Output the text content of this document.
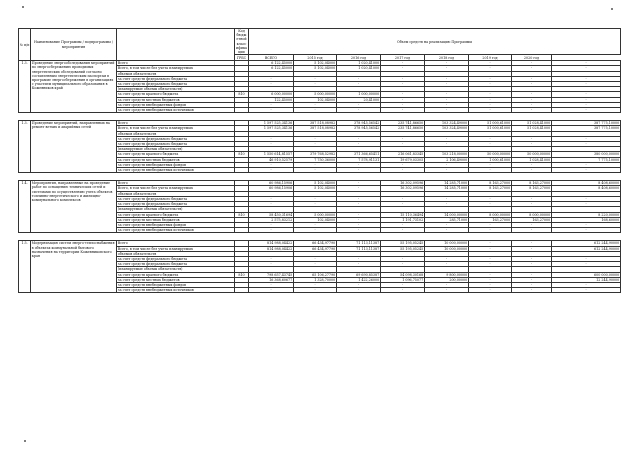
№ п/п	Наименование Программы / подпрограммы / мероприятия		Код бюджетной классификации	Объем средств на реализацию Программы							
			ГРБС	ВСЕГО	2015 год	2016 год	2017 год	2018 год	2019 год	2020 год	
1.3.	Проведение энергообследования мероприятий по энергосбережению проводимых энергетических обследований согласно составленным энергетическим паспортам в программе энергосбережения в организациях с участием муниципального образования в Кожевников край	Всего		6 122,45000	5 102,04000	1 020,41000	-	-	-	-	-
		Всего, в том числе без учета планируемых		6 122,45000	5 102,04000	1 020,41000	-	-	-	-	-
		объемов обязательств									
		за счет средств федерального бюджета		-	-	-	-	-	-	-	-
		за счет средств федерального бюджета		-	-	-	-	-	-	-	-
		(планируемые объемы обязательств)									
		за счет средств краевого бюджета	810	6 000,00000	5 000,00000	1 000,00000	-	-	-	-	-
		за счет средств местных бюджетов		122,45000	102,04000	20,41000	-	-	-	-	-
		за счет средств внебюджетных фондов		-	-	-	-	-	-	-	-
		за счет средств внебюджетных источников		-	-	-	-	-	-	-	-

1.3.	Проведение мероприятий, направленных на ремонт ветхих и аварийных сетей	Всего		1 597 525,34136	387 518,08982	378 945,56542	235 741,86650	103 324,49000	51 000,61000	51 028,41000	387 775,10000
		Всего, в том числе без учета планируемых		1 597 525,34136	387 518,08982	378 945,56542	235 741,86650	103 324,49000	51 000,61000	51 028,41000	387 775,10000
		объемов обязательств									
		за счет средств федерального бюджета		-	-	-	-	-	-	-	-
		за счет средств федерального бюджета		-	-	-	-	-	-	-	-
		(планируемые объемы обязательств)									
		за счет средств краевого бюджета	810	1 550 614,81557	379 768,52982	371 366,65411	216 061,83345	103 218,00000	50 000,00000	50 000,00000	380 000,00000
		за счет средств местных бюджетов		46 910,52579	7 750,36000	7 578,91131	19 679,03305	2 106,49000	1 000,61000	1 028,41000	7 775,10000
		за счет средств внебюджетных фондов		-	-	-	-	-	-	-	-
		за счет средств внебюджетных источников		-	-	-	-	-	-	-	-

1.4.	Мероприятия, направленные на проведение работ по оснащению технических сетей и системами по осуществлению учета объектов топливно-энергетического и жилищно-коммунального комплексов	Всего		60 986,15906	5 102,04000	-	16 302,09596	14 285,71000	8 163,27000	8 163,27000	8 408,60000
		Всего, в том числе без учета планируемых		60 986,15906	5 102,04000	-	16 302,09596	14 285,71000	8 163,27000	8 163,27000	8 408,60000
		объемов обязательств									
		за счет средств федерального бюджета		-	-	-	-	-	-	-	-
		за счет средств федерального бюджета		-	-	-	-	-	-	-	-
		(планируемые объемы обязательств)									
		за счет средств краевого бюджета	810	58 450,31694	5 000,00000	-	15 110,36494	14 000,00000	8 000,00000	8 000,00000	8 220,00000
		за счет средств местных бюджетов		2 575,83212	102,04000	-	1 191,73102	285,71000	163,27000	163,27000	168,60000
		за счет средств внебюджетных фондов		-	-	-	-	-	-	-	-
		за счет средств внебюджетных источников		-	-	-	-	-	-	-	-

1.5.	Модернизация систем энерго-теплоснабжения в объектах коммунальной бытового назначения на территории Кожевниковского края	Всего		814 988,04422	66 434,97790	71 113,11387	55 195,05245	10 000,00000	-	-	612 244,90000
		Всего, в том числе без учета планируемых		814 988,04422	66 434,97790	71 113,11387	55 195,05245	10 000,00000	-	-	612 244,90000
		объемов обязательств									
		за счет средств федерального бюджета		-	-	-	-	-	-	-	-
		за счет средств федерального бюджета		-	-	-	-	-	-	-	-
		(планируемые объемы обязательств)									
		за счет средств краевого бюджета	810	798 657,43745	65 106,27790	69 690,85387	54 098,30168	9 800,00000	-	-	600 000,00000
		за счет средств местных бюджетов		16 368,60677	1 328,70000	1 422,26000	1 096,75077	200,00000	-	-	12 244,90000
		за счет средств внебюджетных фондов		-	-	-	-	-	-	-	-
		за счет средств внебюджетных источников		-	-	-	-	-	-	-	-
